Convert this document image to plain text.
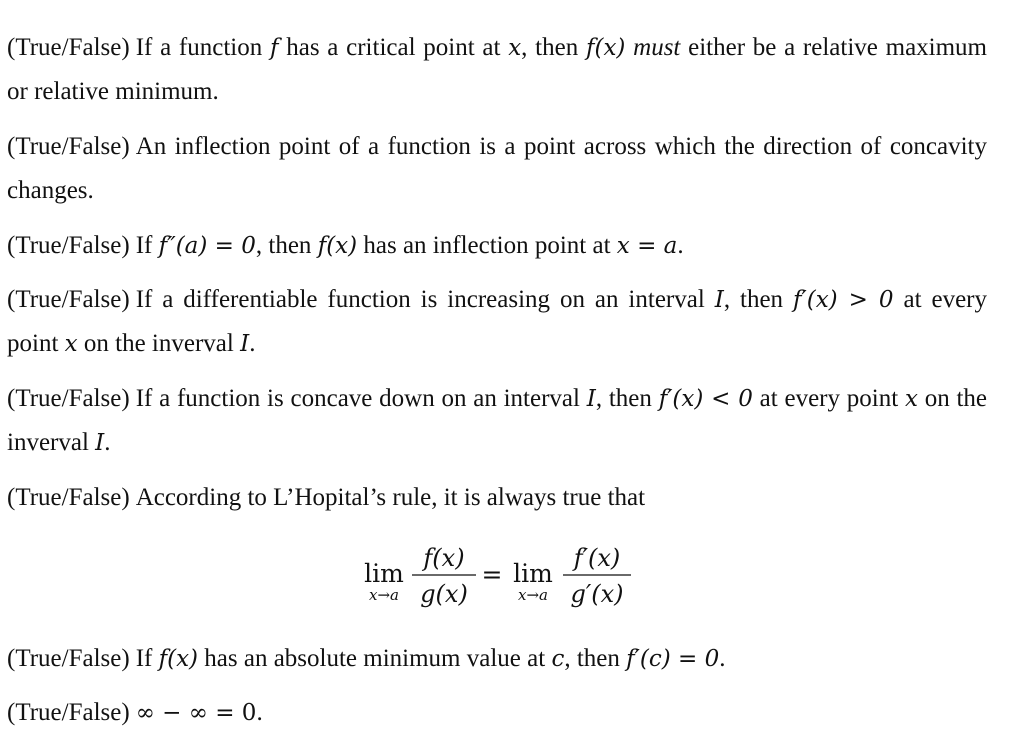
(True/False) If a function f has a critical point at x, then f(x) must either be a relative maximum or relative minimum.
(True/False) An inflection point of a function is a point across which the direction of concavity changes.
(True/False) If f″(a) = 0, then f(x) has an inflection point at x = a.
(True/False) If a differentiable function is increasing on an interval I, then f′(x) > 0 at every point x on the inverval I.
(True/False) If a function is concave down on an interval I, then f′(x) < 0 at every point x on the inverval I.
(True/False) According to L’Hopital’s rule, it is always true that
lim
x→a
f(x)
g(x)
= lim
x→a
f′(x)
g′(x)
(True/False) If f(x) has an absolute minimum value at c, then f′(c) = 0.
(True/False) ∞ − ∞ = 0.
